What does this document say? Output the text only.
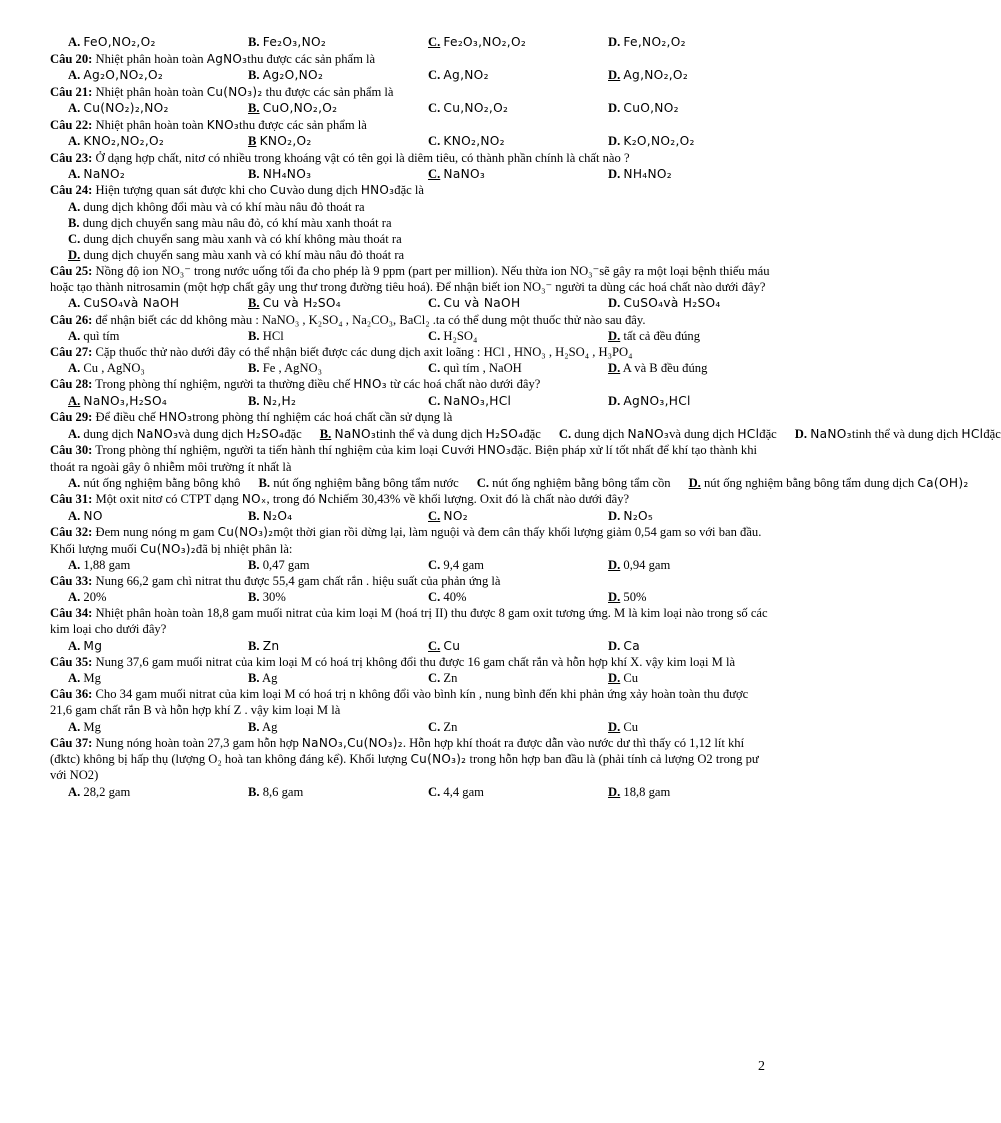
A. FeO,NO₂,O₂	B. Fe₂O₃,NO₂	C. Fe₂O₃,NO₂,O₂	D. Fe,NO₂,O₂

Câu 20: Nhiệt phân hoàn toàn AgNO₃thu được các sản phẩm là

A. Ag₂O,NO₂,O₂	B. Ag₂O,NO₂	C. Ag,NO₂	D. Ag,NO₂,O₂

Câu 21: Nhiệt phân hoàn toàn Cu(NO₃)₂ thu được các sản phẩm là

A. Cu(NO₂)₂,NO₂	B. CuO,NO₂,O₂	C. Cu,NO₂,O₂	D. CuO,NO₂

Câu 22: Nhiệt phân hoàn toàn KNO₃thu được các sản phẩm là

A. KNO₂,NO₂,O₂	B KNO₂,O₂	C. KNO₂,NO₂	D. K₂O,NO₂,O₂

Câu 23: Ở dạng hợp chất, nitơ có nhiều trong khoáng vật có tên gọi là diêm tiêu, có thành phần chính là chất nào ?

A. NaNO₂	B. NH₄NO₃	C. NaNO₃	D. NH₄NO₂

Câu 24: Hiện tượng quan sát được khi cho Cuvào dung dịch HNO₃đặc là

A. dung dịch không đổi màu và có khí màu nâu đỏ thoát ra
B. dung dịch chuyển sang màu nâu đỏ, có khí màu xanh thoát ra
C. dung dịch chuyển sang màu xanh và có khí không màu thoát ra
D. dung dịch chuyển sang màu xanh và có khí màu nâu đỏ thoát ra

Câu 25: Nồng độ ion NO₃⁻ trong nước uống tối đa cho phép là 9 ppm (part per million). Nếu thừa ion NO₃⁻sẽ gây ra một loại bệnh thiếu máu hoặc tạo thành nitrosamin (một hợp chất gây ung thư trong đường tiêu hoá). Để nhận biết ion NO₃⁻ người ta dùng các hoá chất nào dưới đây?

A. CuSO₄và NaOH	B. Cu và H₂SO₄	C. Cu và NaOH	D. CuSO₄và H₂SO₄

Câu 26: để nhận biết các dd không màu : NaNO₃ , K₂SO₄ , Na₂CO₃, BaCl₂ .ta có thể dung một thuốc thử nào sau đây.

A. quì tím	B. HCl	C. H₂SO₄	D. tất cả đều đúng

Câu 27: Cặp thuốc thử nào dưới đây có thể nhận biết được các dung dịch axit loãng : HCl , HNO₃ , H₂SO₄ , H₃PO₄

A. Cu , AgNO₃	B. Fe , AgNO₃	C. quì tím , NaOH	D. A và B đều đúng

Câu 28: Trong phòng thí nghiệm, người ta thường điều chế HNO₃ từ các hoá chất nào dưới đây?

A. NaNO₃,H₂SO₄	B. N₂,H₂	C. NaNO₃,HCl	D. AgNO₃,HCl

Câu 29: Để điều chế HNO₃trong phòng thí nghiệm các hoá chất cần sử dụng là

A. dung dịch NaNO₃và dung dịch H₂SO₄đặc	B. NaNO₃tinh thể và dung dịch H₂SO₄đặc	C. dung dịch NaNO₃và dung dịch HClđặc	D. NaNO₃tinh thể và dung dịch HClđặc

Câu 30: Trong phòng thí nghiệm, người ta tiến hành thí nghiệm của kim loại Cuvới HNO₃đặc. Biện pháp xử lí tốt nhất để khí tạo thành khi thoát ra ngoài gây ô nhiễm môi trường ít nhất là

A. nút ống nghiệm bằng bông khô	B. nút ống nghiệm bằng bông tẩm nước	C. nút ống nghiệm bằng bông tẩm cồn	D. nút ống nghiệm bằng bông tẩm dung dịch Ca(OH)₂

Câu 31: Một oxit nitơ có CTPT dạng NOₓ, trong đó Nchiếm 30,43% về khối lượng. Oxit đó là chất nào dưới đây?

A. NO	B. N₂O₄	C. NO₂	D. N₂O₅

Câu 32: Đem nung nóng m gam Cu(NO₃)₂một thời gian rồi dừng lại, làm nguội và đem cân thấy khối lượng giảm 0,54 gam so với ban đầu. Khối lượng muối Cu(NO₃)₂đã bị nhiệt phân là:

A. 1,88 gam	B. 0,47 gam	C. 9,4 gam	D. 0,94 gam

Câu 33: Nung 66,2 gam chì nitrat thu được 55,4 gam chất rắn . hiệu suất của phản ứng là

A. 20%	B. 30%	C. 40%	D. 50%

Câu 34: Nhiệt phân hoàn toàn 18,8 gam muối nitrat của kim loại M (hoá trị II) thu được 8 gam oxit tương ứng. M là kim loại nào trong số các kim loại cho dưới đây?

A. Mg	B. Zn	C. Cu	D. Ca

Câu 35: Nung 37,6 gam muối nitrat của kim loại M có hoá trị không đổi thu được 16 gam chất rắn và hỗn hợp khí X. vậy kim loại M là

A. Mg	B. Ag	C. Zn	D. Cu

Câu 36: Cho 34 gam muối nitrat của kim loại M có hoá trị n không đổi vào bình kín , nung bình đến khi phản ứng xảy hoàn toàn thu được 21,6 gam chất rắn B và hỗn hợp khí Z . vậy kim loại M là

A. Mg	B. Ag	C. Zn	D. Cu

Câu 37: Nung nóng hoàn toàn 27,3 gam hỗn hợp NaNO₃,Cu(NO₃)₂. Hỗn hợp khí thoát ra được dẫn vào nước dư thì thấy có 1,12 lít khí (đktc) không bị hấp thụ (lượng O₂ hoà tan không đáng kể). Khối lượng Cu(NO₃)₂ trong hỗn hợp ban đầu là (phải tính cả lượng O2 trong pư với NO2)

A. 28,2 gam	B. 8,6 gam	C. 4,4 gam	D. 18,8 gam
2
